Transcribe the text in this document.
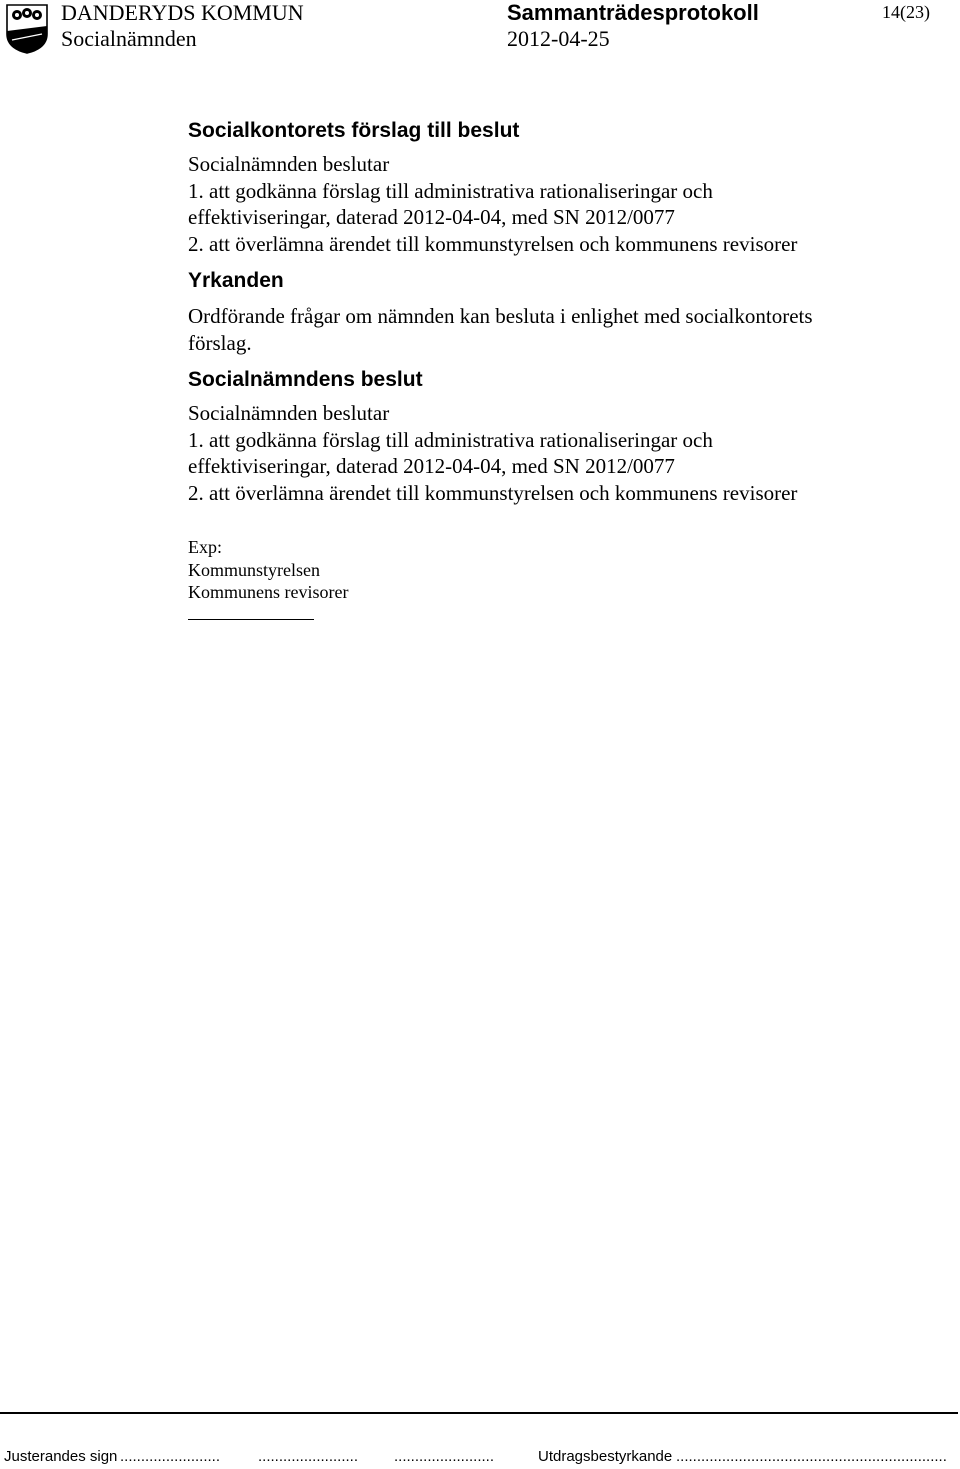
DANDERYDS KOMMUN
Socialnämnden
Sammanträdesprotokoll
2012-04-25
14(23)

Socialkontorets förslag till beslut

Socialnämnden beslutar

1. att godkänna förslag till administrativa rationaliseringar och

effektiviseringar, daterad 2012-04-04, med SN 2012/0077

2. att överlämna ärendet till kommunstyrelsen och kommunens revisorer

Yrkanden

Ordförande frågar om nämnden kan besluta i enlighet med socialkontorets

förslag.

Socialnämndens beslut

Socialnämnden beslutar

1. att godkänna förslag till administrativa rationaliseringar och

effektiviseringar, daterad 2012-04-04, med SN 2012/0077

2. att överlämna ärendet till kommunstyrelsen och kommunens revisorer

Exp:

Kommunstyrelsen

Kommunens revisorer

Justerandes sign ........................	........................ ........................	Utdragsbestyrkande .................................................................
